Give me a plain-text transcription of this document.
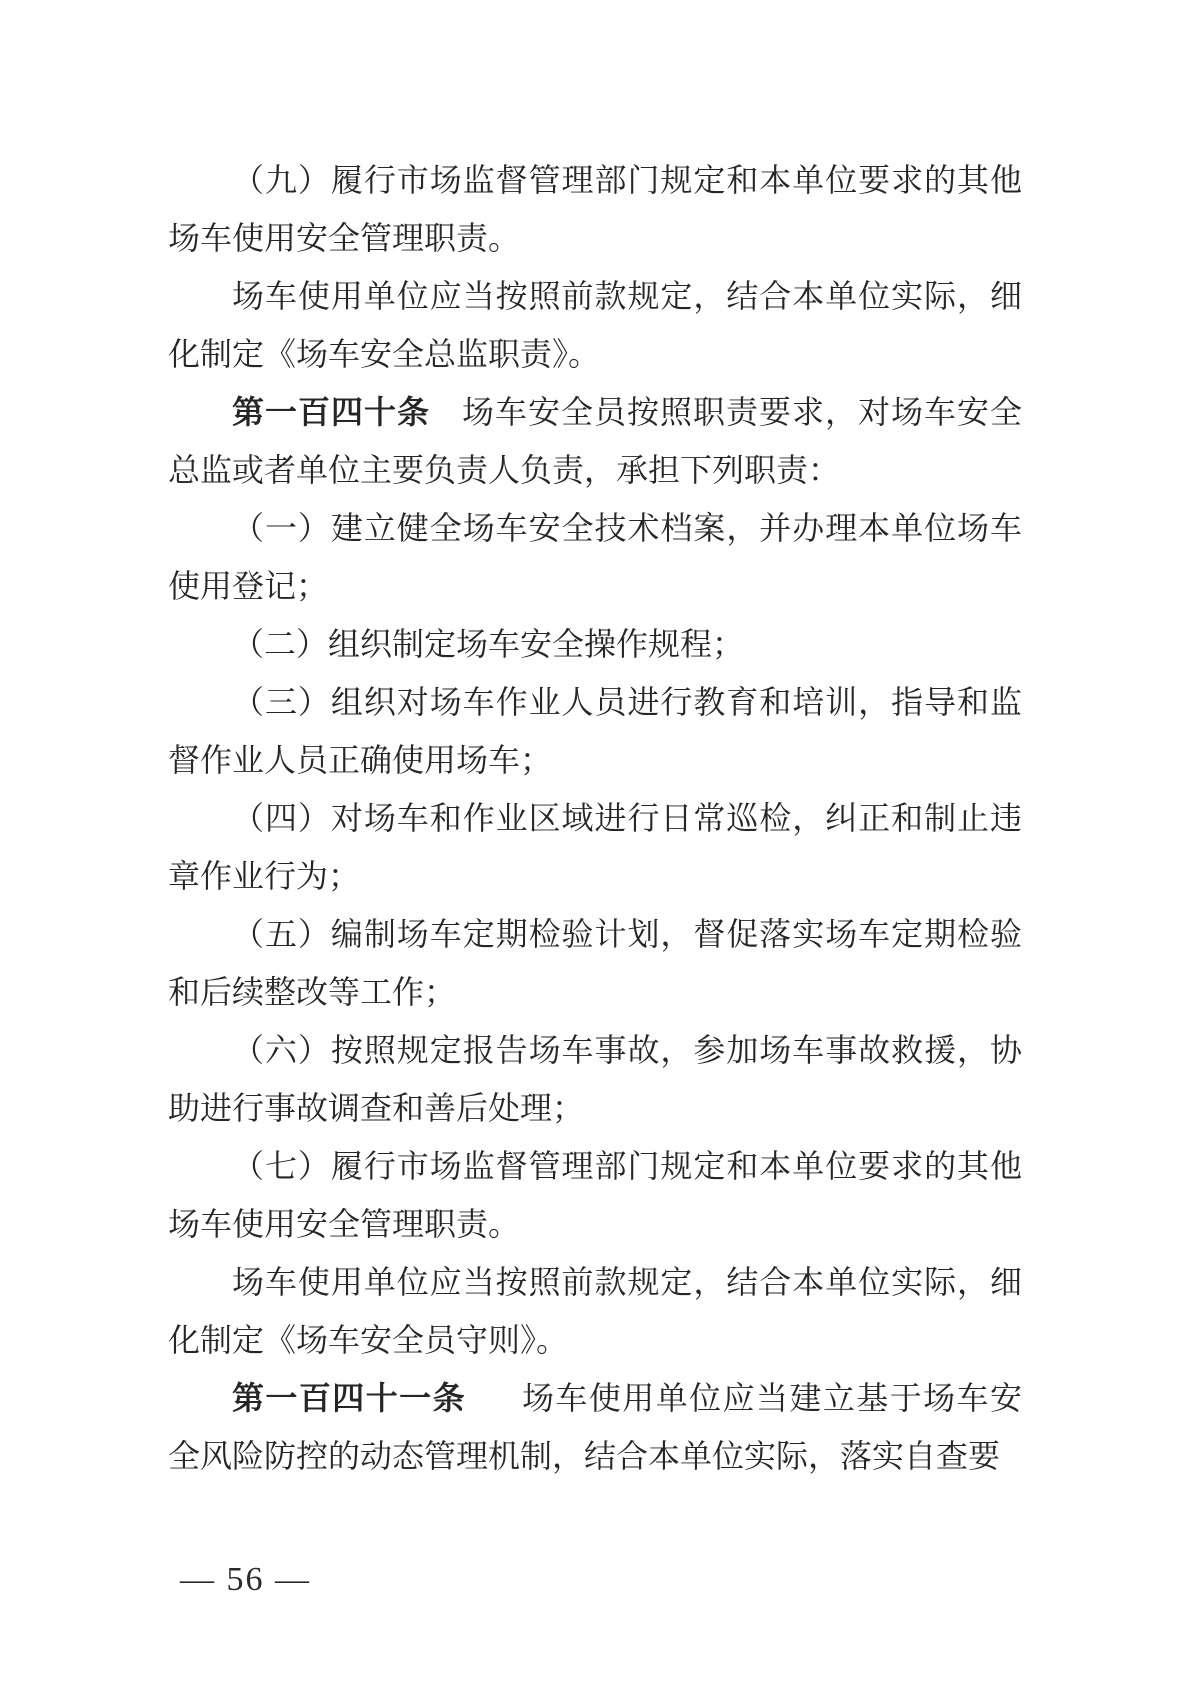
（九）履行市场监督管理部门规定和本单位要求的其他场车使用安全管理职责。

场车使用单位应当按照前款规定，结合本单位实际，细化制定《场车安全总监职责》。

第一百四十条 场车安全员按照职责要求，对场车安全总监或者单位主要负责人负责，承担下列职责：

（一）建立健全场车安全技术档案，并办理本单位场车使用登记；

（二）组织制定场车安全操作规程；

（三）组织对场车作业人员进行教育和培训，指导和监督作业人员正确使用场车；

（四）对场车和作业区域进行日常巡检，纠正和制止违章作业行为；

（五）编制场车定期检验计划，督促落实场车定期检验和后续整改等工作；

（六）按照规定报告场车事故，参加场车事故救援，协助进行事故调查和善后处理；

（七）履行市场监督管理部门规定和本单位要求的其他场车使用安全管理职责。

场车使用单位应当按照前款规定，结合本单位实际，细化制定《场车安全员守则》。

第一百四十一条 场车使用单位应当建立基于场车安全风险防控的动态管理机制，结合本单位实际，落实自查要

— 56 —
